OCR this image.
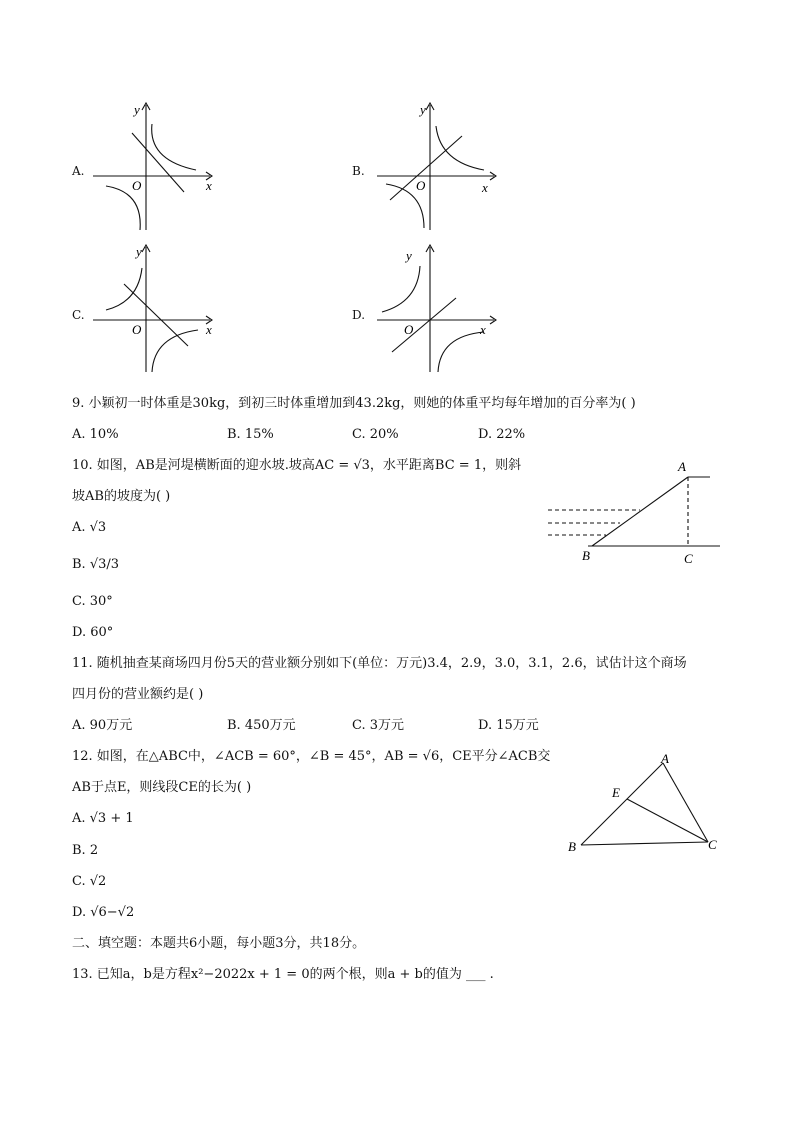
A.
x
y
O
B.
x
y
O
C.
x
y
O
D.
x
y
O
9. 小颖初一时体重是30kg，到初三时体重增加到43.2kg，则她的体重平均每年增加的百分率为( )
A. 10%	B. 15%	C. 20%	D. 22%
10. 如图，AB是河堤横断面的迎水坡.坡高AC = √3，水平距离BC = 1，则斜
坡AB的坡度为( )
A. √3
B. √3/3
C. 30°
D. 60°
A
B	C
11. 随机抽查某商场四月份5天的营业额分别如下(单位：万元)3.4，2.9，3.0，3.1，2.6，试估计这个商场
四月份的营业额约是( )
A. 90万元	B. 450万元	C. 3万元	D. 15万元
12. 如图，在△ABC中，∠ACB = 60°，∠B = 45°，AB = √6，CE平分∠ACB交
AB于点E，则线段CE的长为( )
A. √3 + 1
B. 2
C. √2
D. √6−√2
A
B	C
E
二、填空题：本题共6小题，每小题3分，共18分。
13. 已知a，b是方程x²−2022x + 1 = 0的两个根，则a + b的值为 ___ .
